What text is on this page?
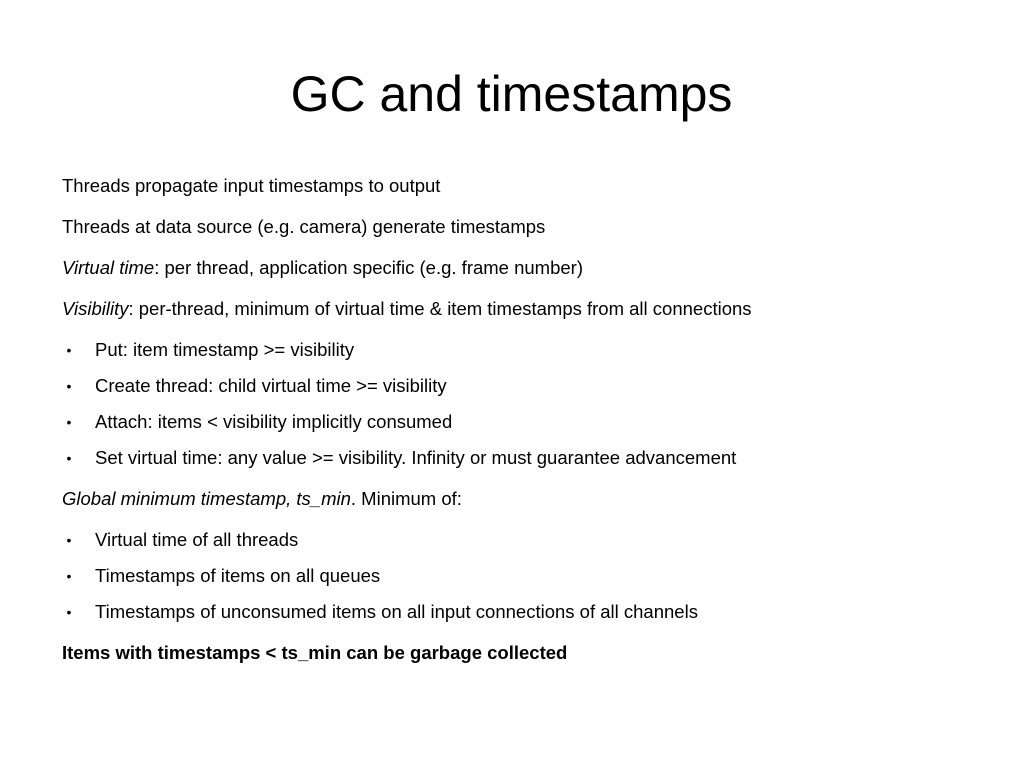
GC and timestamps
Threads propagate input timestamps to output
Threads at data source (e.g. camera) generate timestamps
Virtual time: per thread, application specific (e.g. frame number)
Visibility: per-thread, minimum of virtual time & item timestamps from all connections
• Put: item timestamp >= visibility
• Create thread: child virtual time >= visibility
• Attach: items < visibility implicitly consumed
• Set virtual time: any value >= visibility. Infinity or must guarantee advancement
Global minimum timestamp, ts_min. Minimum of:
• Virtual time of all threads
• Timestamps of items on all queues
• Timestamps of unconsumed items on all input connections of all channels
Items with timestamps < ts_min can be garbage collected
